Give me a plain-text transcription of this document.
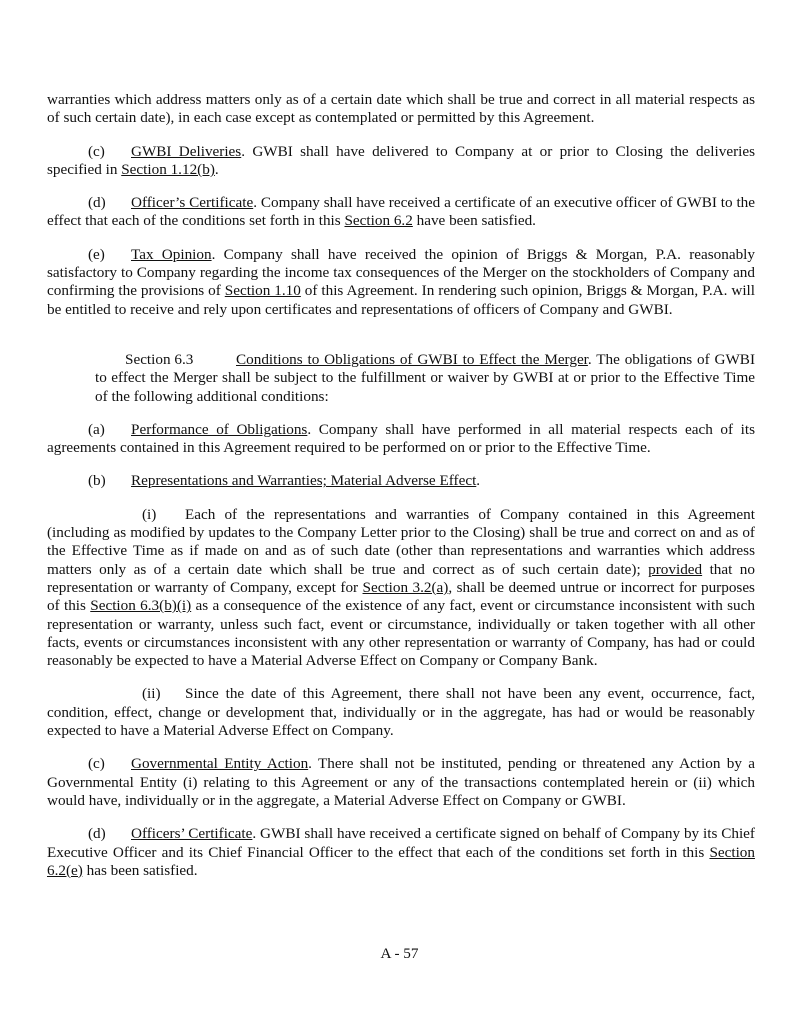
warranties which address matters only as of a certain date which shall be true and correct in all material respects as of such certain date), in each case except as contemplated or permitted by this Agreement.

(c) GWBI Deliveries. GWBI shall have delivered to Company at or prior to Closing the deliveries specified in Section 1.12(b).

(d) Officer’s Certificate. Company shall have received a certificate of an executive officer of GWBI to the effect that each of the conditions set forth in this Section 6.2 have been satisfied.

(e) Tax Opinion. Company shall have received the opinion of Briggs & Morgan, P.A. reasonably satisfactory to Company regarding the income tax consequences of the Merger on the stockholders of Company and confirming the provisions of Section 1.10 of this Agreement. In rendering such opinion, Briggs & Morgan, P.A. will be entitled to receive and rely upon certificates and representations of officers of Company and GWBI.

Section 6.3	Conditions to Obligations of GWBI to Effect the Merger. The obligations of GWBI to effect the Merger shall be subject to the fulfillment or waiver by GWBI at or prior to the Effective Time of the following additional conditions:

(a) Performance of Obligations. Company shall have performed in all material respects each of its agreements contained in this Agreement required to be performed on or prior to the Effective Time.

(b) Representations and Warranties; Material Adverse Effect.

(i) Each of the representations and warranties of Company contained in this Agreement (including as modified by updates to the Company Letter prior to the Closing) shall be true and correct on and as of the Effective Time as if made on and as of such date (other than representations and warranties which address matters only as of a certain date which shall be true and correct as of such certain date); provided that no representation or warranty of Company, except for Section 3.2(a), shall be deemed untrue or incorrect for purposes of this Section 6.3(b)(i) as a consequence of the existence of any fact, event or circumstance inconsistent with such representation or warranty, unless such fact, event or circumstance, individually or taken together with all other facts, events or circumstances inconsistent with any other representation or warranty of Company, has had or could reasonably be expected to have a Material Adverse Effect on Company or Company Bank.

(ii) Since the date of this Agreement, there shall not have been any event, occurrence, fact, condition, effect, change or development that, individually or in the aggregate, has had or would be reasonably expected to have a Material Adverse Effect on Company.

(c) Governmental Entity Action. There shall not be instituted, pending or threatened any Action by a Governmental Entity (i) relating to this Agreement or any of the transactions contemplated herein or (ii) which would have, individually or in the aggregate, a Material Adverse Effect on Company or GWBI.

(d) Officers’ Certificate. GWBI shall have received a certificate signed on behalf of Company by its Chief Executive Officer and its Chief Financial Officer to the effect that each of the conditions set forth in this Section 6.2(e) has been satisfied.

A - 57
